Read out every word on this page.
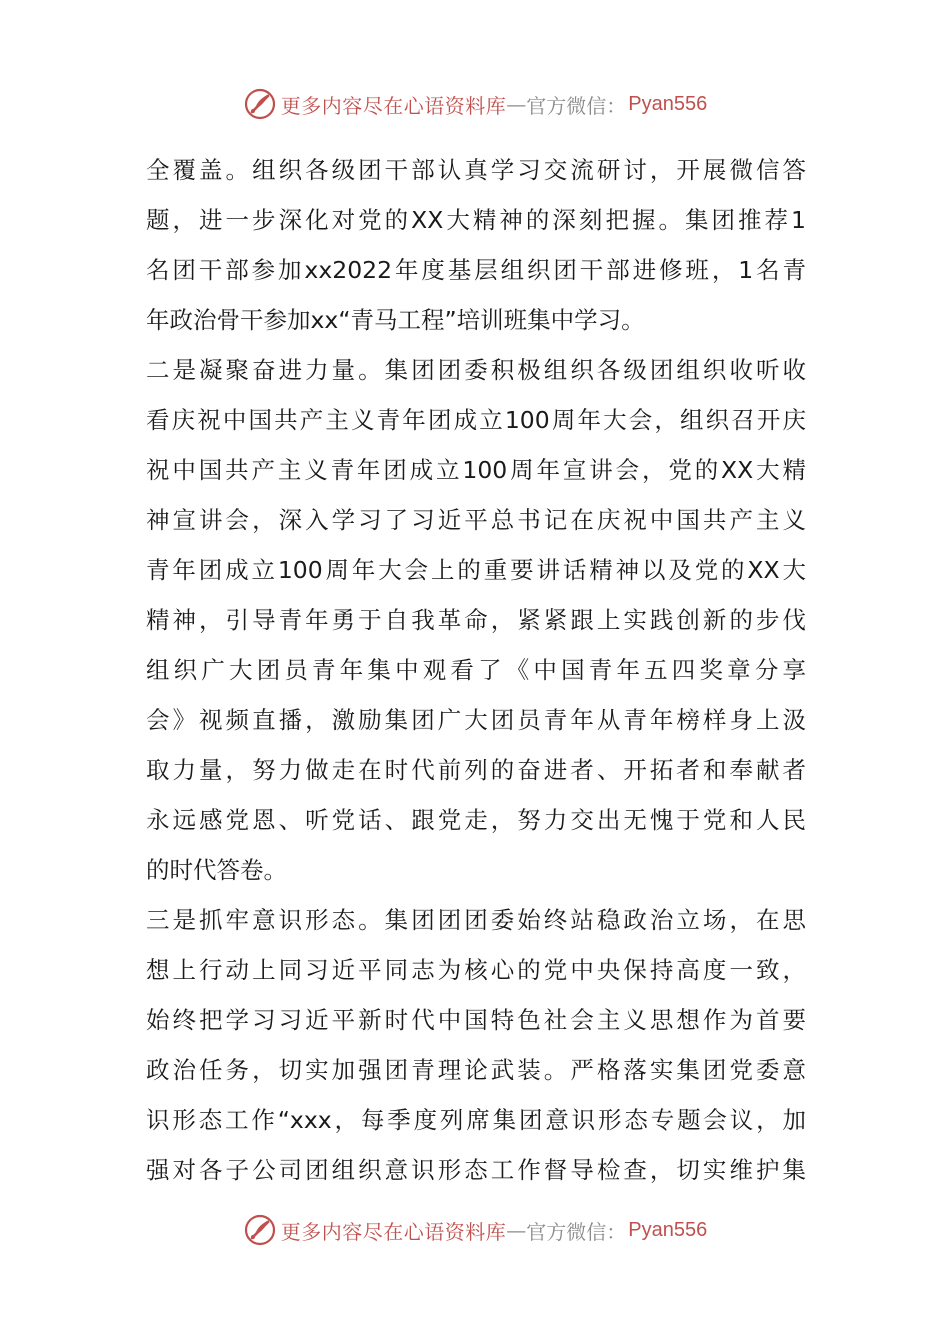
更多内容尽在心语资料库 — 官方微信： Pyan556
全覆盖。组织各级团干部认真学习交流研讨，开展微信答
题，进一步深化对党的XX大精神的深刻把握。集团推荐1
名团干部参加xx2022年度基层组织团干部进修班，1名青
年政治骨干参加xx“青马工程”培训班集中学习。
二是凝聚奋进力量。集团团委积极组织各级团组织收听收
看庆祝中国共产主义青年团成立100周年大会，组织召开庆
祝中国共产主义青年团成立100周年宣讲会，党的XX大精
神宣讲会，深入学习了习近平总书记在庆祝中国共产主义
青年团成立100周年大会上的重要讲话精神以及党的XX大
精神，引导青年勇于自我革命，紧紧跟上实践创新的步伐
组织广大团员青年集中观看了《中国青年五四奖章分享
会》视频直播，激励集团广大团员青年从青年榜样身上汲
取力量，努力做走在时代前列的奋进者、开拓者和奉献者
永远感党恩、听党话、跟党走，努力交出无愧于党和人民
的时代答卷。
三是抓牢意识形态。集团团团委始终站稳政治立场，在思
想上行动上同习近平同志为核心的党中央保持高度一致，
始终把学习习近平新时代中国特色社会主义思想作为首要
政治任务，切实加强团青理论武装。严格落实集团党委意
识形态工作“xxx，每季度列席集团意识形态专题会议，加
强对各子公司团组织意识形态工作督导检查，切实维护集
更多内容尽在心语资料库 — 官方微信： Pyan556
